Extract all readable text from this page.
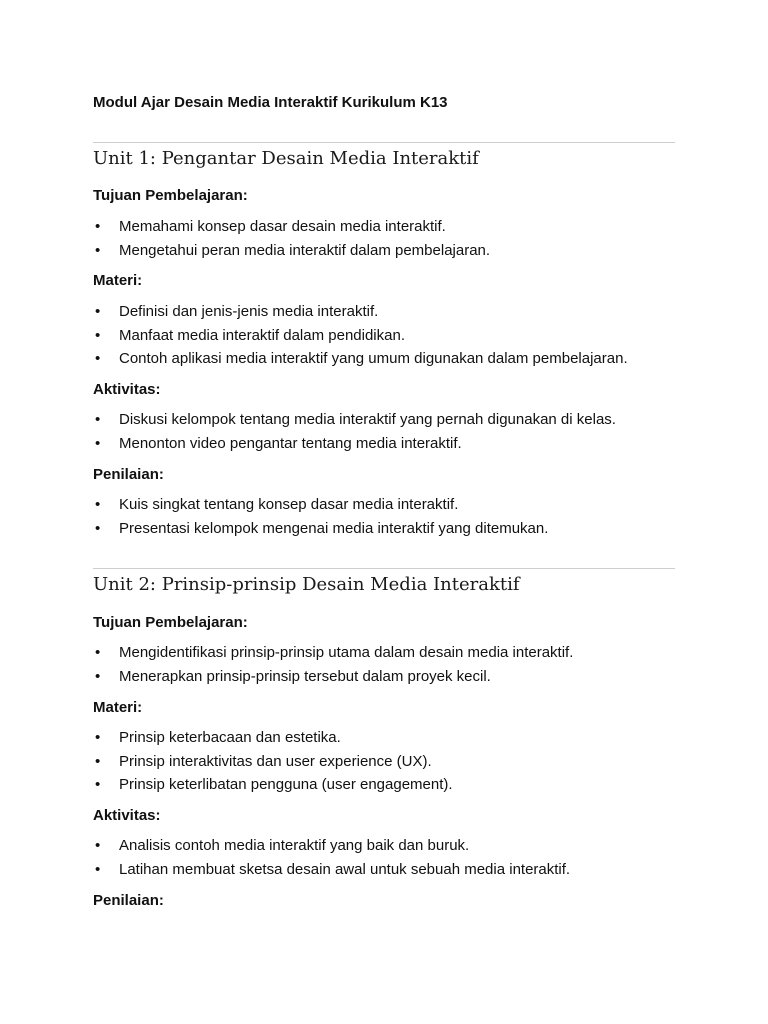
Modul Ajar Desain Media Interaktif Kurikulum K13
Unit 1: Pengantar Desain Media Interaktif
Tujuan Pembelajaran:
• Memahami konsep dasar desain media interaktif.
• Mengetahui peran media interaktif dalam pembelajaran.
Materi:
• Definisi dan jenis-jenis media interaktif.
• Manfaat media interaktif dalam pendidikan.
• Contoh aplikasi media interaktif yang umum digunakan dalam pembelajaran.
Aktivitas:
• Diskusi kelompok tentang media interaktif yang pernah digunakan di kelas.
• Menonton video pengantar tentang media interaktif.
Penilaian:
• Kuis singkat tentang konsep dasar media interaktif.
• Presentasi kelompok mengenai media interaktif yang ditemukan.
Unit 2: Prinsip-prinsip Desain Media Interaktif
Tujuan Pembelajaran:
• Mengidentifikasi prinsip-prinsip utama dalam desain media interaktif.
• Menerapkan prinsip-prinsip tersebut dalam proyek kecil.
Materi:
• Prinsip keterbacaan dan estetika.
• Prinsip interaktivitas dan user experience (UX).
• Prinsip keterlibatan pengguna (user engagement).
Aktivitas:
• Analisis contoh media interaktif yang baik dan buruk.
• Latihan membuat sketsa desain awal untuk sebuah media interaktif.
Penilaian:
